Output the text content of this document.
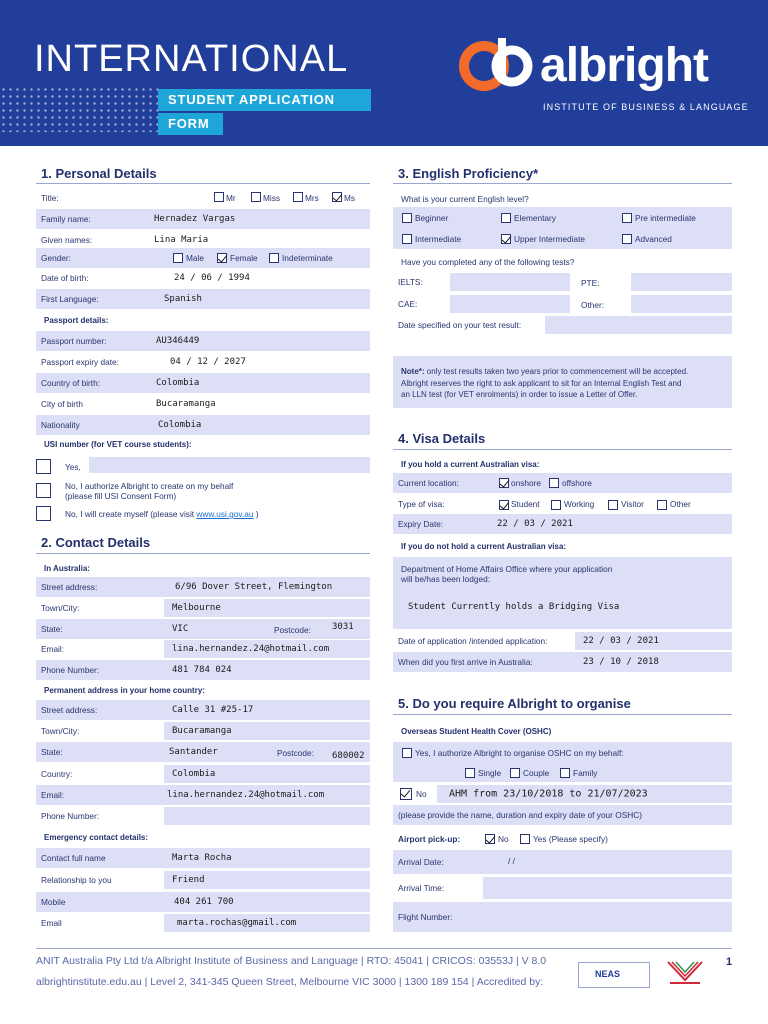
INTERNATIONAL
STUDENT APPLICATION
FORM
albright
INSTITUTE OF BUSINESS & LANGUAGE
1. Personal Details
Title:	Mr	Miss	Mrs	Ms
Family name:	Hernadez Vargas
Given names:	Lina Maria
Gender:	Male	Female	Indeterminate
Date of birth:	24 / 06 / 1994
First Language:	Spanish
Passport details:
Passport number:	AU346449
Passport expiry date:	04 / 12 / 2027
Country of birth:	Colombia
City of birth	Bucaramanga
Nationality	Colombia
USI number (for VET course students):
Yes,
No, I authorize Albright to create on my behalf
(please fill USI Consent Form)
No, I will create myself (please visit www.usi.gov.au )
2. Contact Details
In Australia:
Street address:	6/96 Dover Street, Flemington
Town/City:	Melbourne
State:	VIC	Postcode: 3031
Email:	lina.hernandez.24@hotmail.com
Phone Number:	481 784 024
Permanent address in your home country:
Street address:	Calle 31 #25-17
Town/City:	Bucaramanga
State:	Santander	Postcode: 680002
Country:	Colombia
Email:	lina.hernandez.24@hotmail.com
Phone Number:
Emergency contact details:
Contact full name	Marta Rocha
Relationship to you	Friend
Mobile	404 261 700
Email	marta.rochas@gmail.com
3. English Proficiency*
What is your current English level?
Beginner	Elementary	Pre intermediate
Intermediate	Upper Intermediate	Advanced
Have you completed any of the following tests?
IELTS:	PTE:
CAE:	Other:
Date specified on your test result:
Note*: only test results taken two years prior to commencement will be accepted.
Albright reserves the right to ask applicant to sit for an Internal English Test and
an LLN test (for VET enrolments) in order to issue a Letter of Offer.
4. Visa Details
If you hold a current Australian visa:
Current location:	onshore	offshore
Type of visa:	Student	Working	Visitor	Other
Expiry Date:	22 / 03 / 2021
If you do not hold a current Australian visa:
Department of Home Affairs Office where your application
will be/has been lodged:
Student Currently holds a Bridging Visa
Date of application /intended application:	22 / 03 / 2021
When did you first arrive in Australia:	23 / 10 / 2018
5. Do you require Albright to organise
Overseas Student Health Cover (OSHC)
Yes, I authorize Albright to organise OSHC on my behalf:
Single	Couple	Family
No AHM from 23/10/2018 to 21/07/2023
(please provide the name, duration and expiry date of your OSHC)
Airport pick-up:	No	Yes (Please specify)
Arrival Date:	/ /
Arrival Time:
Flight Number:
ANIT Australia Pty Ltd t/a Albright Institute of Business and Language | RTO: 45041 | CRICOS: 03553J | V 8.0
albrightinstitute.edu.au | Level 2, 341-345 Queen Street, Melbourne VIC 3000 | 1300 189 154 | Accredited by:
1
NEAS
